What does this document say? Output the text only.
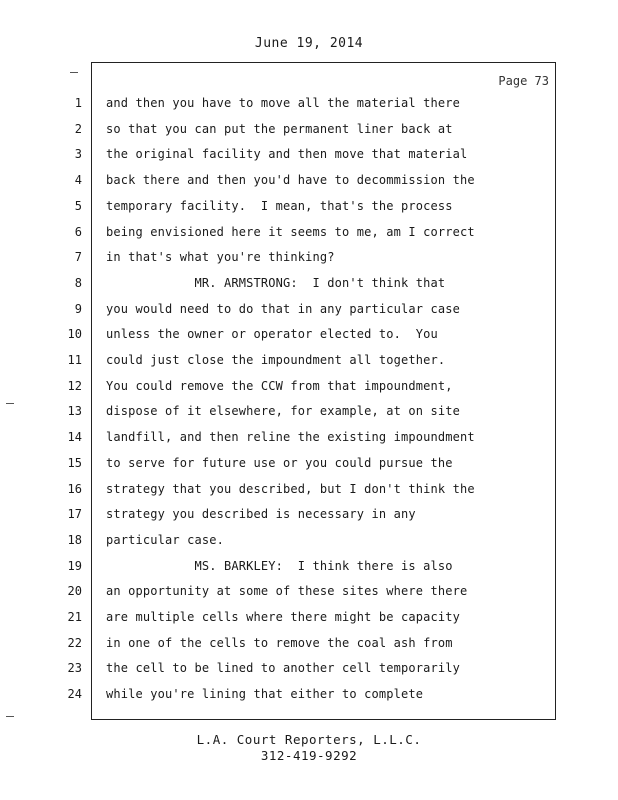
June 19, 2014
Page 73
1 and then you have to move all the material there
2 so that you can put the permanent liner back at
3 the original facility and then move that material
4 back there and then you'd have to decommission the
5 temporary facility.  I mean, that's the process
6 being envisioned here it seems to me, am I correct
7 in that's what you're thinking?
8 MR. ARMSTRONG:  I don't think that
9 you would need to do that in any particular case
10 unless the owner or operator elected to.  You
11 could just close the impoundment all together.
12 You could remove the CCW from that impoundment,
13 dispose of it elsewhere, for example, at on site
14 landfill, and then reline the existing impoundment
15 to serve for future use or you could pursue the
16 strategy that you described, but I don't think the
17 strategy you described is necessary in any
18 particular case.
19 MS. BARKLEY:  I think there is also
20 an opportunity at some of these sites where there
21 are multiple cells where there might be capacity
22 in one of the cells to remove the coal ash from
23 the cell to be lined to another cell temporarily
24 while you're lining that either to complete
L.A. Court Reporters, L.L.C.
312-419-9292
